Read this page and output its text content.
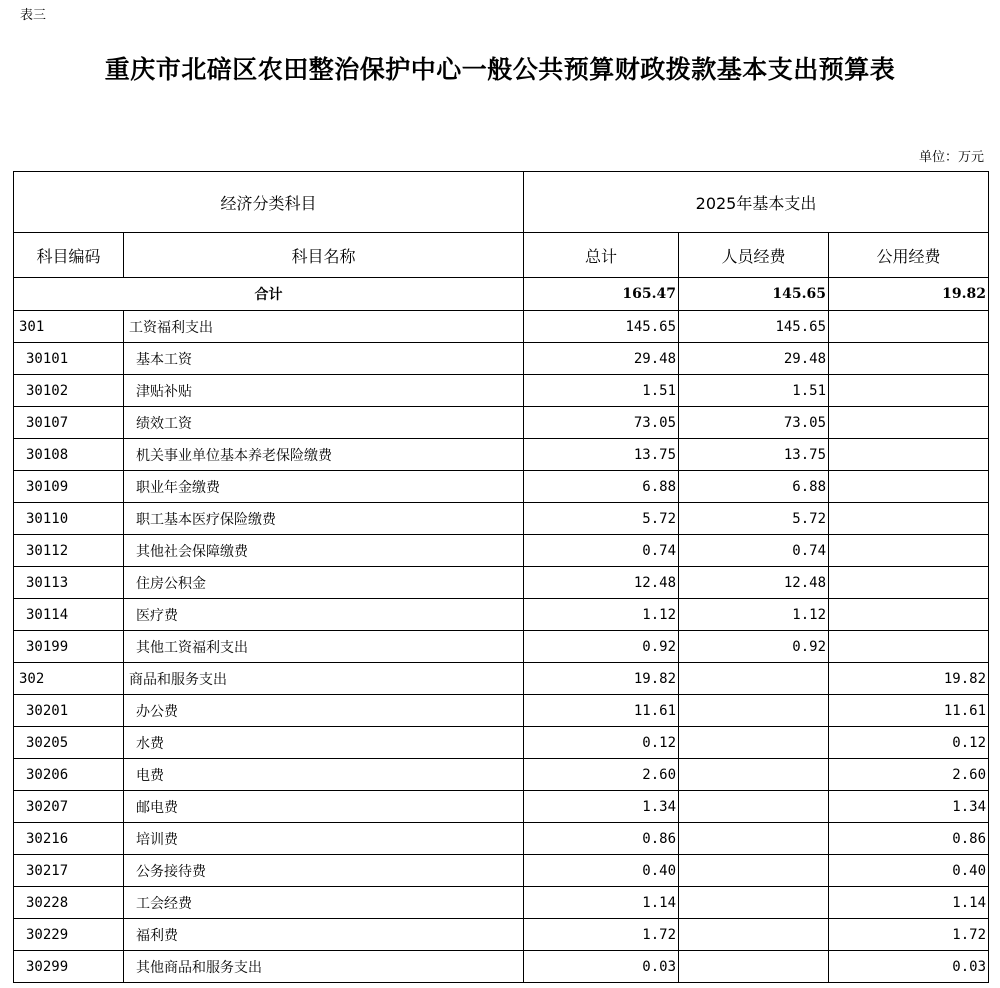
表三
重庆市北碚区农田整治保护中心一般公共预算财政拨款基本支出预算表
单位：万元
经济分类科目		2025年基本支出		
科目编码	科目名称	总计	人员经费	公用经费
合计		165.47	145.65	19.82
301	工资福利支出	145.65	145.65	
30101	基本工资	29.48	29.48	
30102	津贴补贴	1.51	1.51	
30107	绩效工资	73.05	73.05	
30108	机关事业单位基本养老保险缴费	13.75	13.75	
30109	职业年金缴费	6.88	6.88	
30110	职工基本医疗保险缴费	5.72	5.72	
30112	其他社会保障缴费	0.74	0.74	
30113	住房公积金	12.48	12.48	
30114	医疗费	1.12	1.12	
30199	其他工资福利支出	0.92	0.92	
302	商品和服务支出	19.82		19.82
30201	办公费	11.61		11.61
30205	水费	0.12		0.12
30206	电费	2.60		2.60
30207	邮电费	1.34		1.34
30216	培训费	0.86		0.86
30217	公务接待费	0.40		0.40
30228	工会经费	1.14		1.14
30229	福利费	1.72		1.72
30299	其他商品和服务支出	0.03		0.03
